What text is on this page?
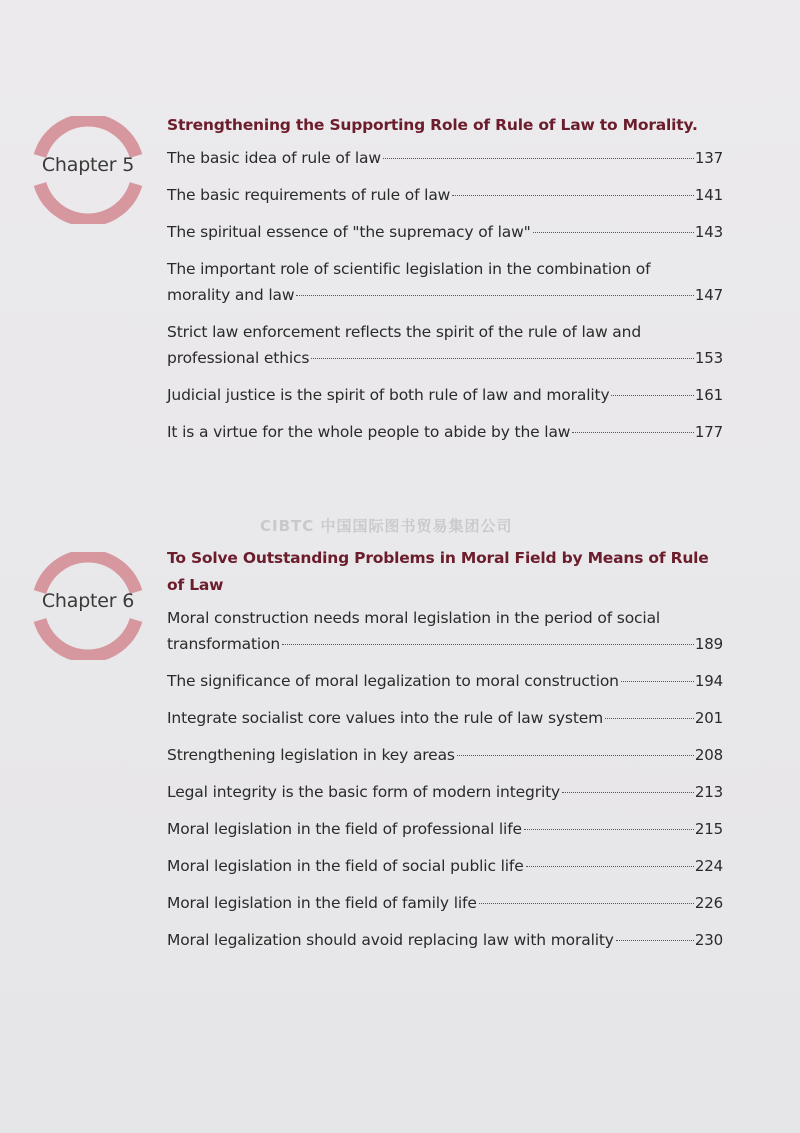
CIBTC 中国国际图书贸易集团公司
Chapter 5
Strengthening the Supporting Role of Rule of Law to Morality.
The basic idea of rule of law	137
The basic requirements of rule of law	141
The spiritual essence of "the supremacy of law"	143
The important role of scientific legislation in the combination of
morality and law	147
Strict law enforcement reflects the spirit of the rule of law and
professional ethics	153
Judicial justice is the spirit of both rule of law and morality	161
It is a virtue for the whole people to abide by the law	177
Chapter 6
To Solve Outstanding Problems in Moral Field by Means of Rule of Law
Moral construction needs moral legislation in the period of social
transformation	189
The significance of moral legalization to moral construction	194
Integrate socialist core values into the rule of law system	201
Strengthening legislation in key areas	208
Legal integrity is the basic form of modern integrity	213
Moral legislation in the field of professional life	215
Moral legislation in the field of social public life	224
Moral legislation in the field of family life	226
Moral legalization should avoid replacing law with morality	230
